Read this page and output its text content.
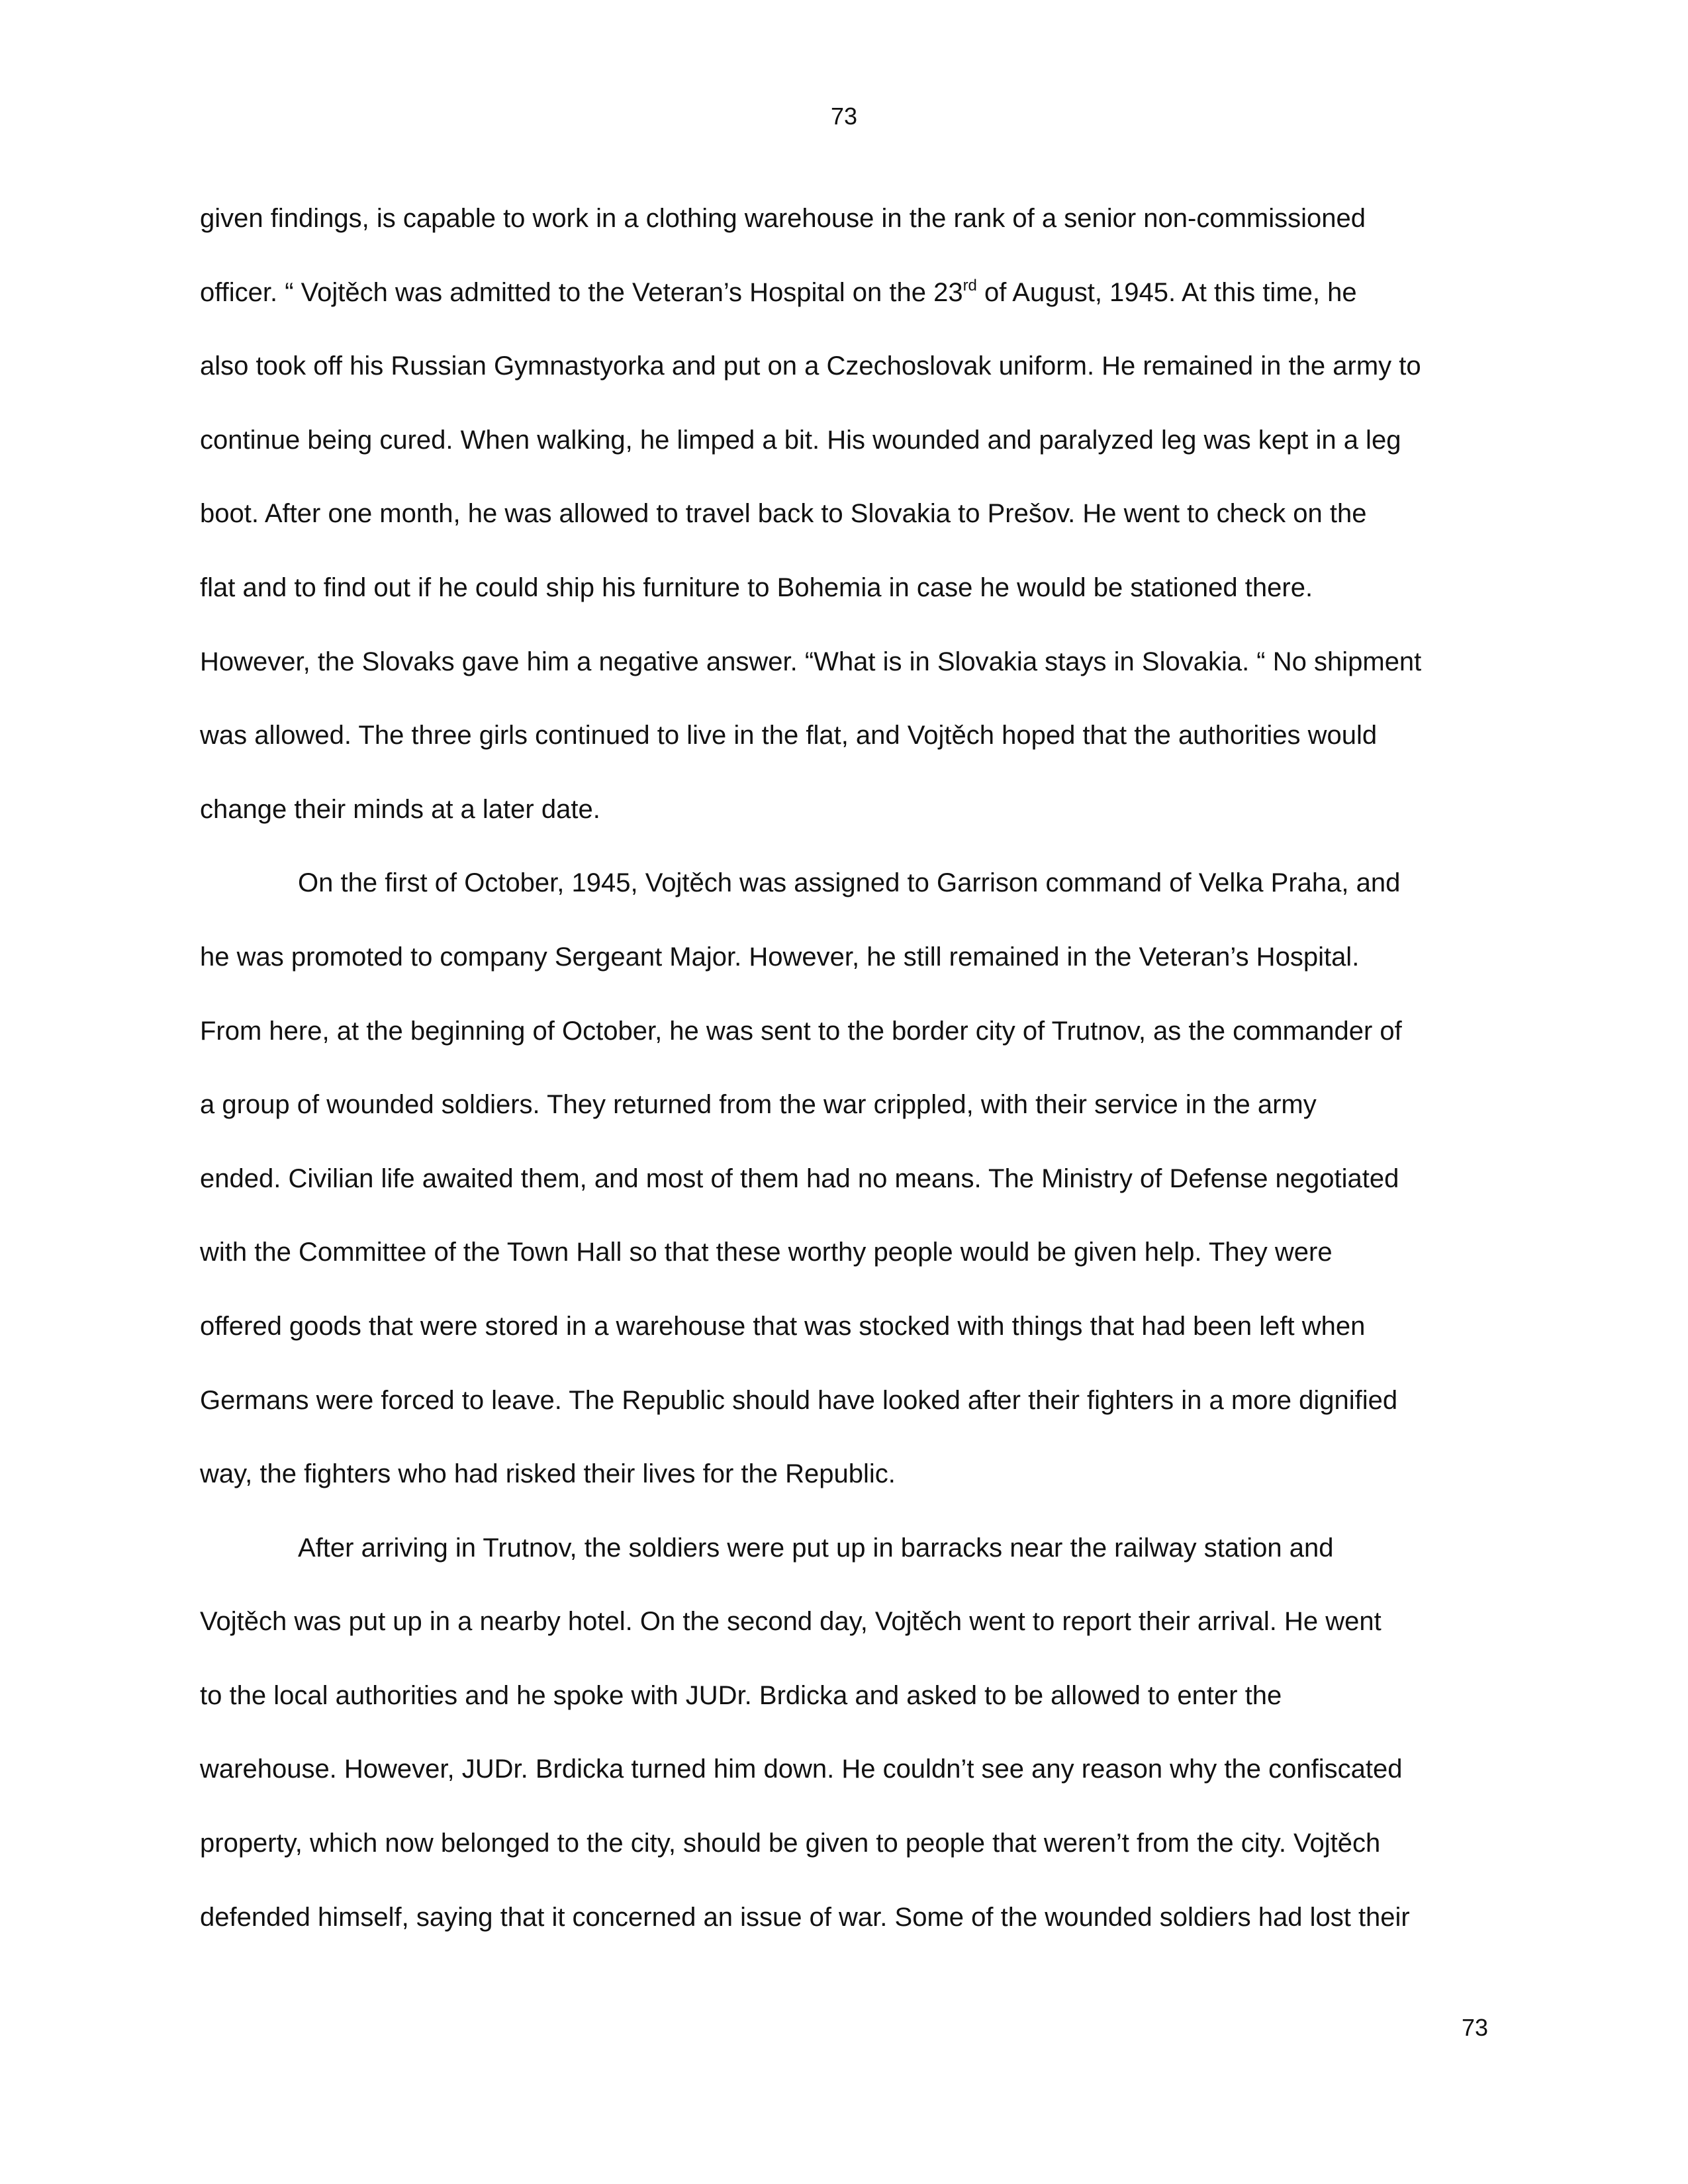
73
given findings, is capable to work in a clothing warehouse in the rank of a senior non-commissioned
officer. “ Vojtěch was admitted to the Veteran’s Hospital on the 23rd of August, 1945. At this time, he
also took off his Russian Gymnastyorka and put on a Czechoslovak uniform. He remained in the army to
continue being cured. When walking, he limped a bit. His wounded and paralyzed leg was kept in a leg
boot. After one month, he was allowed to travel back to Slovakia to Prešov. He went to check on the
flat and to find out if he could ship his furniture to Bohemia in case he would be stationed there.
However, the Slovaks gave him a negative answer. “What is in Slovakia stays in Slovakia. “ No shipment
was allowed. The three girls continued to live in the flat, and Vojtěch hoped that the authorities would
change their minds at a later date.
On the first of October, 1945, Vojtěch was assigned to Garrison command of Velka Praha, and
he was promoted to company Sergeant Major. However, he still remained in the Veteran’s Hospital.
From here, at the beginning of October, he was sent to the border city of Trutnov, as the commander of
a group of wounded soldiers. They returned from the war crippled, with their service in the army
ended. Civilian life awaited them, and most of them had no means. The Ministry of Defense negotiated
with the Committee of the Town Hall so that these worthy people would be given help. They were
offered goods that were stored in a warehouse that was stocked with things that had been left when
Germans were forced to leave. The Republic should have looked after their fighters in a more dignified
way, the fighters who had risked their lives for the Republic.
After arriving in Trutnov, the soldiers were put up in barracks near the railway station and
Vojtěch was put up in a nearby hotel. On the second day, Vojtěch went to report their arrival. He went
to the local authorities and he spoke with JUDr. Brdicka and asked to be allowed to enter the
warehouse. However, JUDr. Brdicka turned him down. He couldn’t see any reason why the confiscated
property, which now belonged to the city, should be given to people that weren’t from the city. Vojtěch
defended himself, saying that it concerned an issue of war. Some of the wounded soldiers had lost their
73
